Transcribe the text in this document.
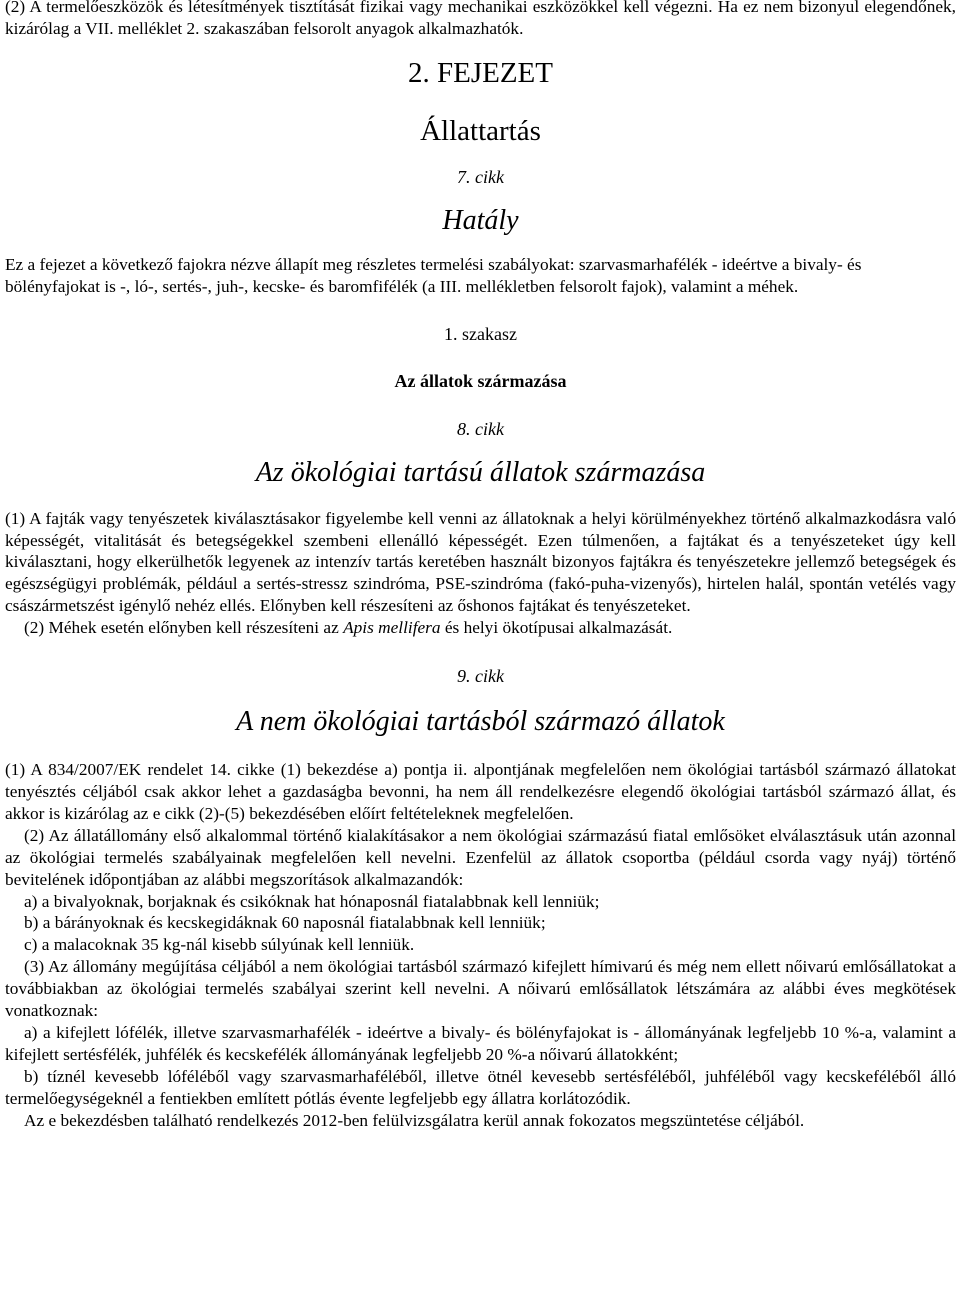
(2) A termelőeszközök és létesítmények tisztítását fizikai vagy mechanikai eszközökkel kell végezni. Ha ez nem bizonyul elegendőnek, kizárólag a VII. melléklet 2. szakaszában felsorolt anyagok alkalmazhatók.

2. FEJEZET

Állattartás

7. cikk

Hatály

Ez a fejezet a következő fajokra nézve állapít meg részletes termelési szabályokat: szarvasmarhafélék - ideértve a bivaly- és bölényfajokat is -, ló-, sertés-, juh-, kecske- és baromfifélék (a III. mellékletben felsorolt fajok), valamint a méhek.

1. szakasz

Az állatok származása

8. cikk

Az ökológiai tartású állatok származása

(1) A fajták vagy tenyészetek kiválasztásakor figyelembe kell venni az állatoknak a helyi körülményekhez történő alkalmazkodásra való képességét, vitalitását és betegségekkel szembeni ellenálló képességét. Ezen túlmenően, a fajtákat és a tenyészeteket úgy kell kiválasztani, hogy elkerülhetők legyenek az intenzív tartás keretében használt bizonyos fajtákra és tenyészetekre jellemző betegségek és egészségügyi problémák, például a sertés-stressz szindróma, PSE-szindróma (fakó-puha-vizenyős), hirtelen halál, spontán vetélés vagy császármetszést igénylő nehéz ellés. Előnyben kell részesíteni az őshonos fajtákat és tenyészeteket.

(2) Méhek esetén előnyben kell részesíteni az Apis mellifera és helyi ökotípusai alkalmazását.

9. cikk

A nem ökológiai tartásból származó állatok

(1) A 834/2007/EK rendelet 14. cikke (1) bekezdése a) pontja ii. alpontjának megfelelően nem ökológiai tartásból származó állatokat tenyésztés céljából csak akkor lehet a gazdaságba bevonni, ha nem áll rendelkezésre elegendő ökológiai tartásból származó állat, és akkor is kizárólag az e cikk (2)-(5) bekezdésében előírt feltételeknek megfelelően.

(2) Az állatállomány első alkalommal történő kialakításakor a nem ökológiai származású fiatal emlősöket elválasztásuk után azonnal az ökológiai termelés szabályainak megfelelően kell nevelni. Ezenfelül az állatok csoportba (például csorda vagy nyáj) történő bevitelének időpontjában az alábbi megszorítások alkalmazandók:

a) a bivalyoknak, borjaknak és csikóknak hat hónaposnál fiatalabbnak kell lenniük;

b) a bárányoknak és kecskegidáknak 60 naposnál fiatalabbnak kell lenniük;

c) a malacoknak 35 kg-nál kisebb súlyúnak kell lenniük.

(3) Az állomány megújítása céljából a nem ökológiai tartásból származó kifejlett hímivarú és még nem ellett nőivarú emlősállatokat a továbbiakban az ökológiai termelés szabályai szerint kell nevelni. A nőivarú emlősállatok létszámára az alábbi éves megkötések vonatkoznak:

a) a kifejlett lófélék, illetve szarvasmarhafélék - ideértve a bivaly- és bölényfajokat is - állományának legfeljebb 10 %-a, valamint a kifejlett sertésfélék, juhfélék és kecskefélék állományának legfeljebb 20 %-a nőivarú állatokként;

b) tíznél kevesebb lóféléből vagy szarvasmarhaféléből, illetve ötnél kevesebb sertésféléből, juhféléből vagy kecskeféléből álló termelőegységeknél a fentiekben említett pótlás évente legfeljebb egy állatra korlátozódik.

Az e bekezdésben található rendelkezés 2012-ben felülvizsgálatra kerül annak fokozatos megszüntetése céljából.
